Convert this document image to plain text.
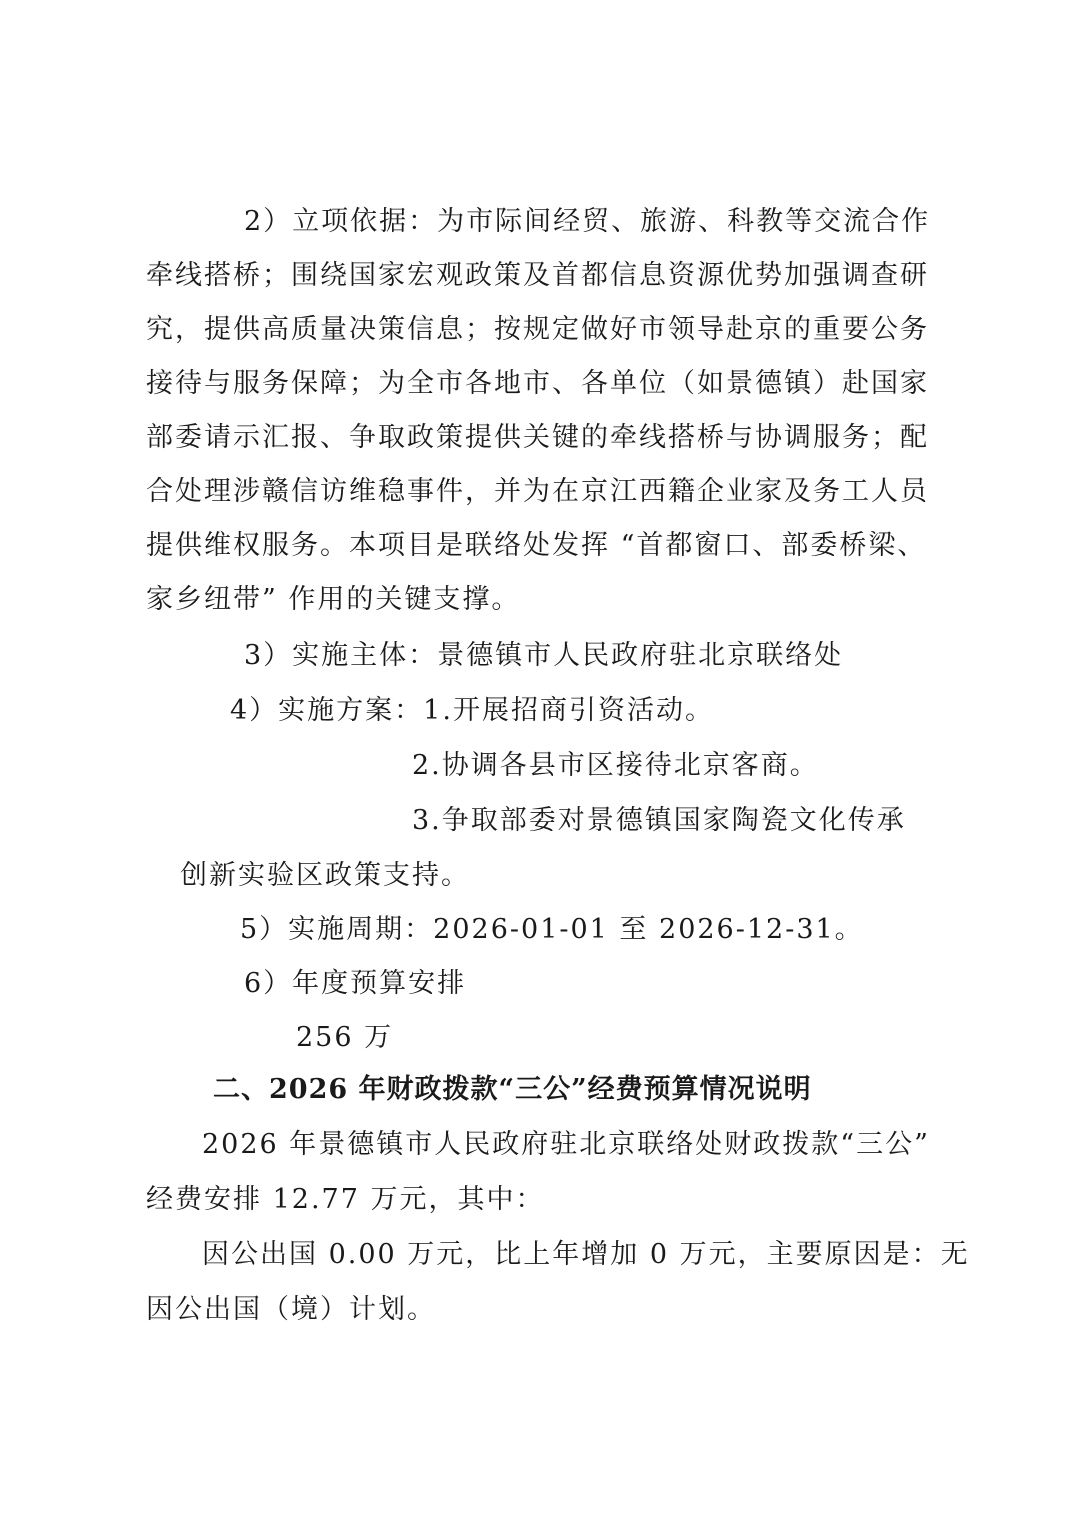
2）立项依据：为市际间经贸、旅游、科教等交流合作
牵线搭桥；围绕国家宏观政策及首都信息资源优势加强调查研
究，提供高质量决策信息；按规定做好市领导赴京的重要公务
接待与服务保障；为全市各地市、各单位（如景德镇）赴国家
部委请示汇报、争取政策提供关键的牵线搭桥与协调服务；配
合处理涉赣信访维稳事件，并为在京江西籍企业家及务工人员
提供维权服务。本项目是联络处发挥 “首都窗口、部委桥梁、
家乡纽带” 作用的关键支撑。
3）实施主体：景德镇市人民政府驻北京联络处
4）实施方案：1.开展招商引资活动。
2.协调各县市区接待北京客商。
3.争取部委对景德镇国家陶瓷文化传承
创新实验区政策支持。
5）实施周期：2026-01-01 至 2026-12-31。
6）年度预算安排
256 万
二、2026 年财政拨款“三公”经费预算情况说明
2026 年景德镇市人民政府驻北京联络处财政拨款“三公”
经费安排 12.77 万元，其中：
因公出国 0.00 万元，比上年增加 0 万元，主要原因是：无
因公出国（境）计划。
